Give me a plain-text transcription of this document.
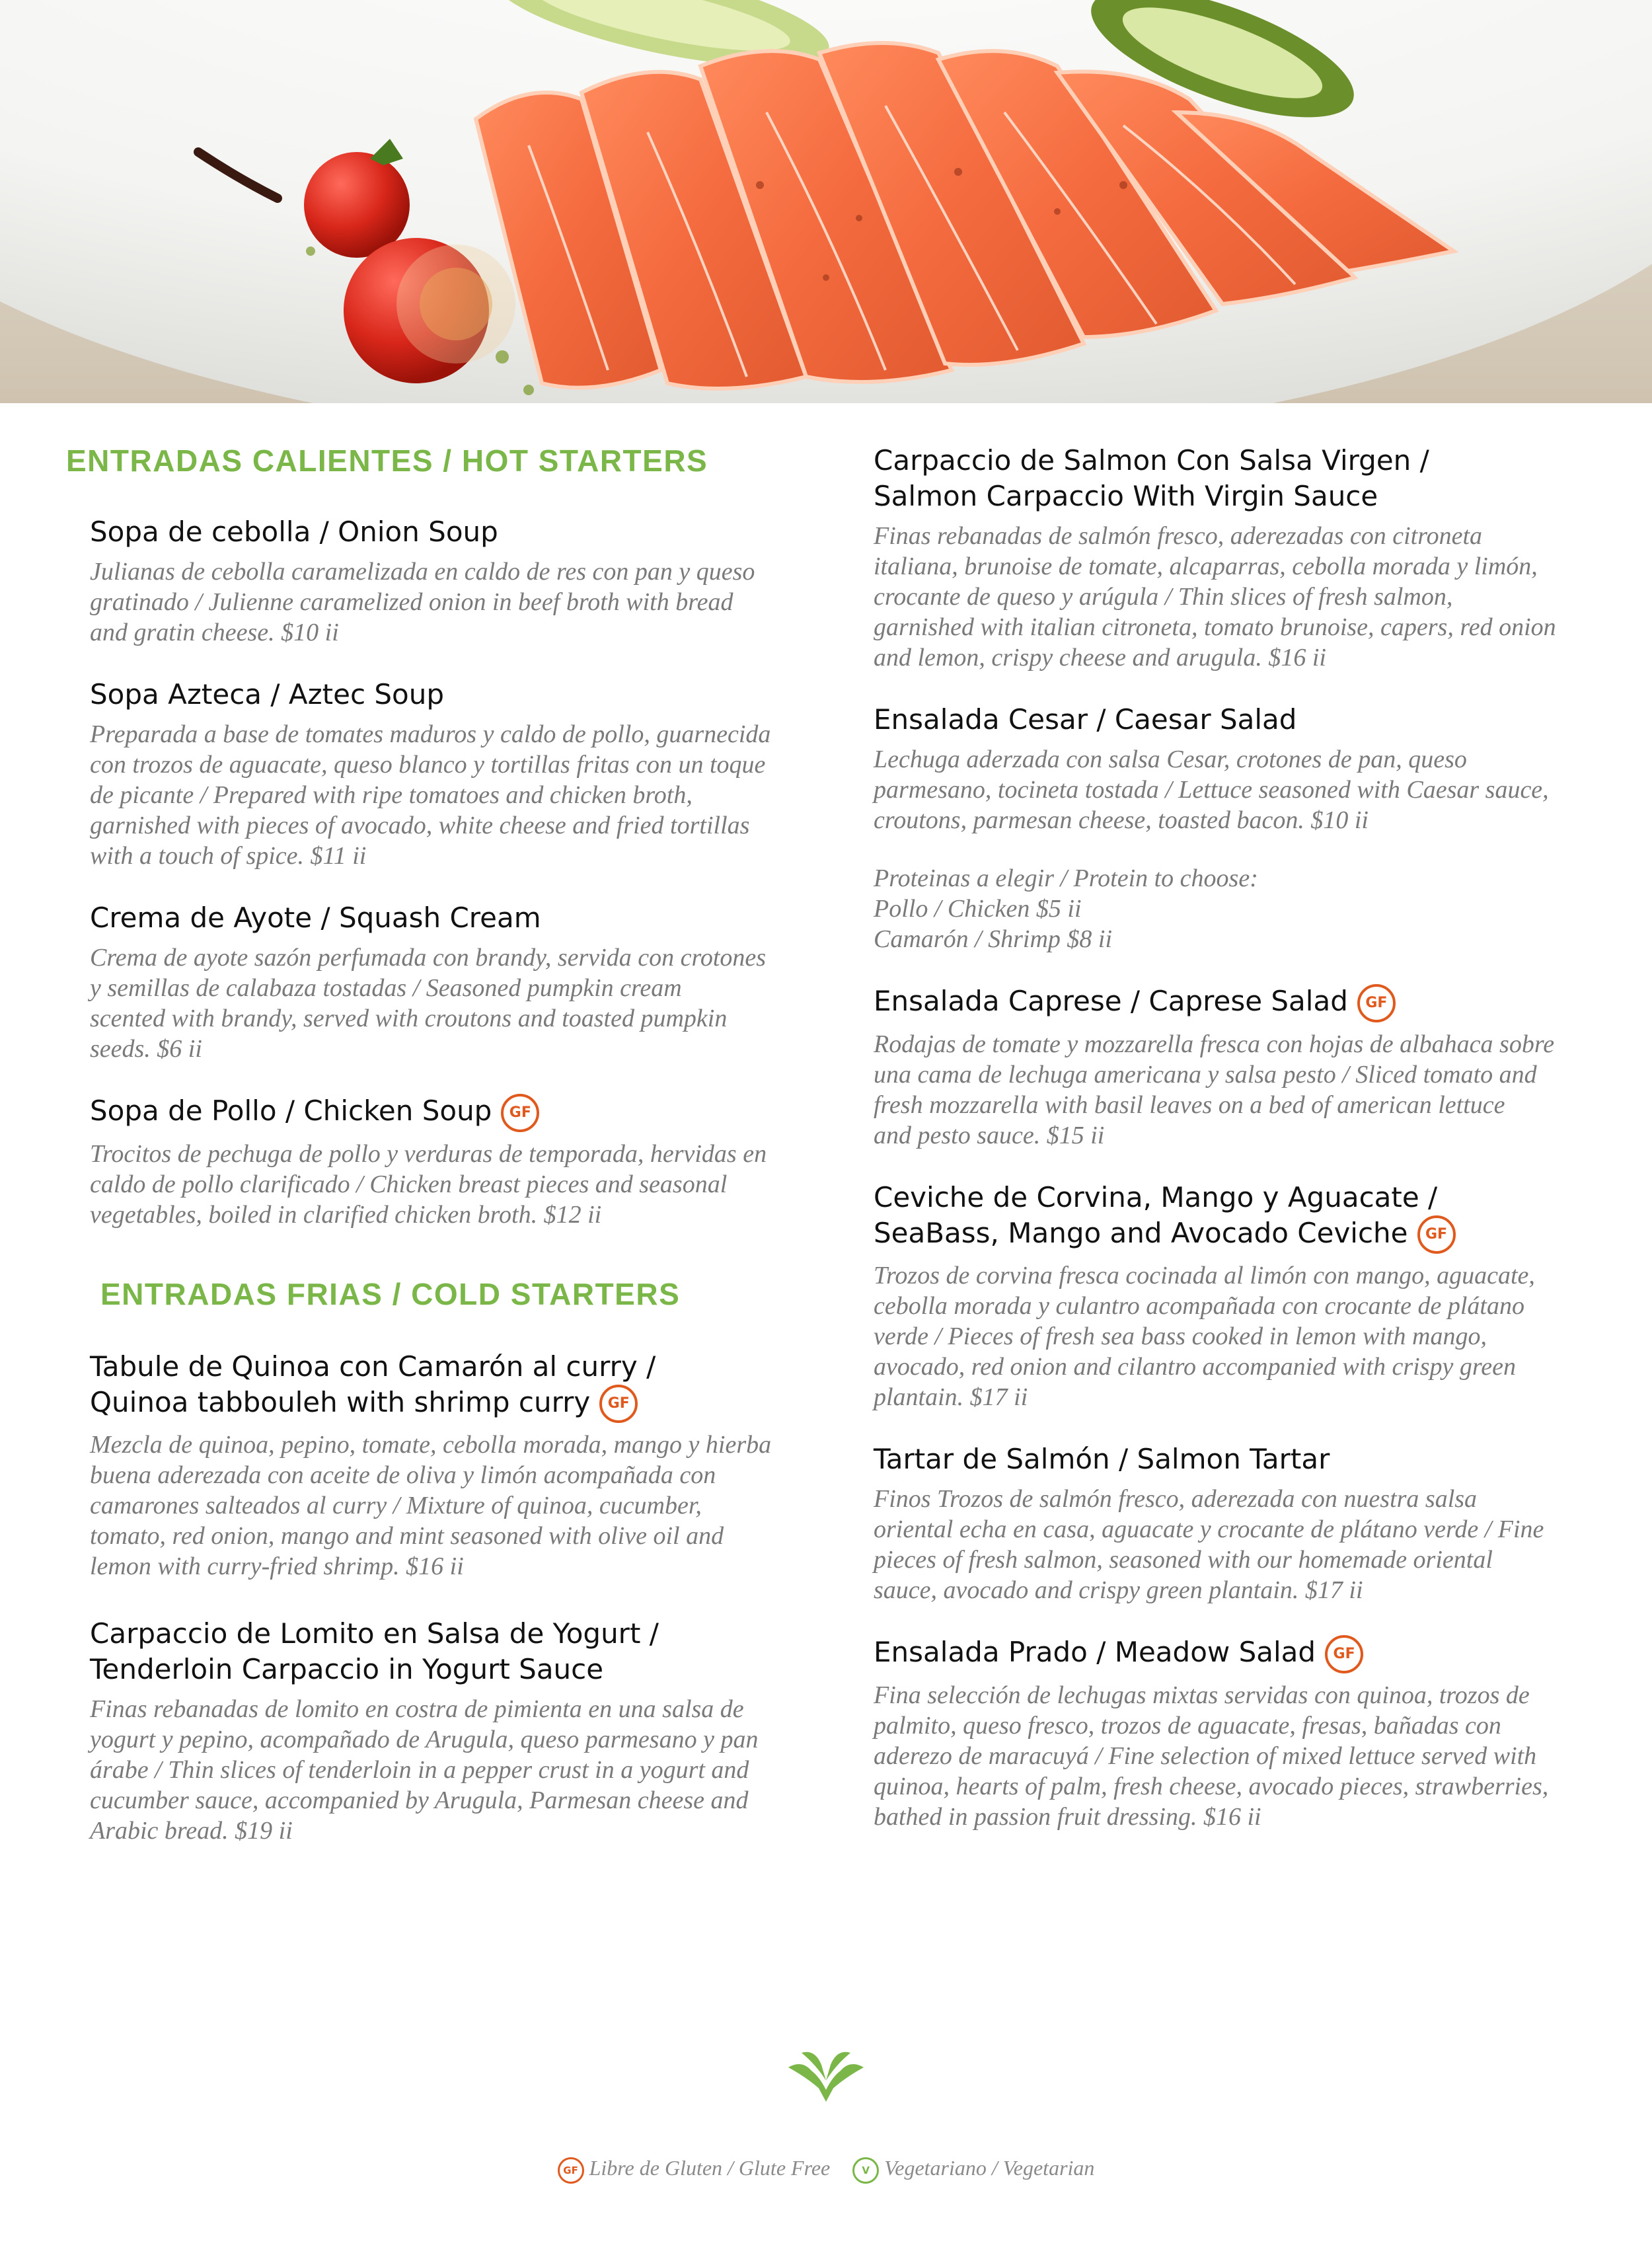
ENTRADAS CALIENTES / HOT STARTERS
Sopa de cebolla / Onion Soup
Julianas de cebolla caramelizada en caldo de res con pan y queso
gratinado / Julienne caramelized onion in beef broth with bread
and gratin cheese. $10 ii
Sopa Azteca / Aztec Soup
Preparada a base de tomates maduros y caldo de pollo, guarnecida
con trozos de aguacate, queso blanco y tortillas fritas con un toque
de picante / Prepared with ripe tomatoes and chicken broth,
garnished with pieces of avocado, white cheese and fried tortillas
with a touch of spice. $11 ii
Crema de Ayote / Squash Cream
Crema de ayote sazón perfumada con brandy, servida con crotones
y semillas de calabaza tostadas / Seasoned pumpkin cream
scented with brandy, served with croutons and toasted pumpkin
seeds. $6 ii
Sopa de Pollo / Chicken Soup GF
Trocitos de pechuga de pollo y verduras de temporada, hervidas en
caldo de pollo clarificado / Chicken breast pieces and seasonal
vegetables, boiled in clarified chicken broth. $12 ii
ENTRADAS FRIAS / COLD STARTERS
Tabule de Quinoa con Camarón al curry /
Quinoa tabbouleh with shrimp curry GF
Mezcla de quinoa, pepino, tomate, cebolla morada, mango y hierba
buena aderezada con aceite de oliva y limón acompañada con
camarones salteados al curry / Mixture of quinoa, cucumber,
tomato, red onion, mango and mint seasoned with olive oil and
lemon with curry-fried shrimp. $16 ii
Carpaccio de Lomito en Salsa de Yogurt /
Tenderloin Carpaccio in Yogurt Sauce
Finas rebanadas de lomito en costra de pimienta en una salsa de
yogurt y pepino, acompañado de Arugula, queso parmesano y pan
árabe / Thin slices of tenderloin in a pepper crust in a yogurt and
cucumber sauce, accompanied by Arugula, Parmesan cheese and
Arabic bread. $19 ii
Carpaccio de Salmon Con Salsa Virgen /
Salmon Carpaccio With Virgin Sauce
Finas rebanadas de salmón fresco, aderezadas con citroneta
italiana, brunoise de tomate, alcaparras, cebolla morada y limón,
crocante de queso y arúgula / Thin slices of fresh salmon,
garnished with italian citroneta, tomato brunoise, capers, red onion
and lemon, crispy cheese and arugula. $16 ii
Ensalada Cesar / Caesar Salad
Lechuga aderzada con salsa Cesar, crotones de pan, queso
parmesano, tocineta tostada / Lettuce seasoned with Caesar sauce,
croutons, parmesan cheese, toasted bacon. $10 ii
Proteinas a elegir / Protein to choose:
Pollo / Chicken $5 ii
Camarón / Shrimp $8 ii
Ensalada Caprese / Caprese Salad GF
Rodajas de tomate y mozzarella fresca con hojas de albahaca sobre
una cama de lechuga americana y salsa pesto / Sliced tomato and
fresh mozzarella with basil leaves on a bed of american lettuce
and pesto sauce. $15 ii
Ceviche de Corvina, Mango y Aguacate /
SeaBass, Mango and Avocado Ceviche GF
Trozos de corvina fresca cocinada al limón con mango, aguacate,
cebolla morada y culantro acompañada con crocante de plátano
verde / Pieces of fresh sea bass cooked in lemon with mango,
avocado, red onion and cilantro accompanied with crispy green
plantain. $17 ii
Tartar de Salmón / Salmon Tartar
Finos Trozos de salmón fresco, aderezada con nuestra salsa
oriental echa en casa, aguacate y crocante de plátano verde / Fine
pieces of fresh salmon, seasoned with our homemade oriental
sauce, avocado and crispy green plantain. $17 ii
Ensalada Prado / Meadow Salad GF
Fina selección de lechugas mixtas servidas con quinoa, trozos de
palmito, queso fresco, trozos de aguacate, fresas, bañadas con
aderezo de maracuyá / Fine selection of mixed lettuce served with
quinoa, hearts of palm, fresh cheese, avocado pieces, strawberries,
bathed in passion fruit dressing. $16 ii
GF Libre de Gluten / Glute Free	V Vegetariano / Vegetarian
